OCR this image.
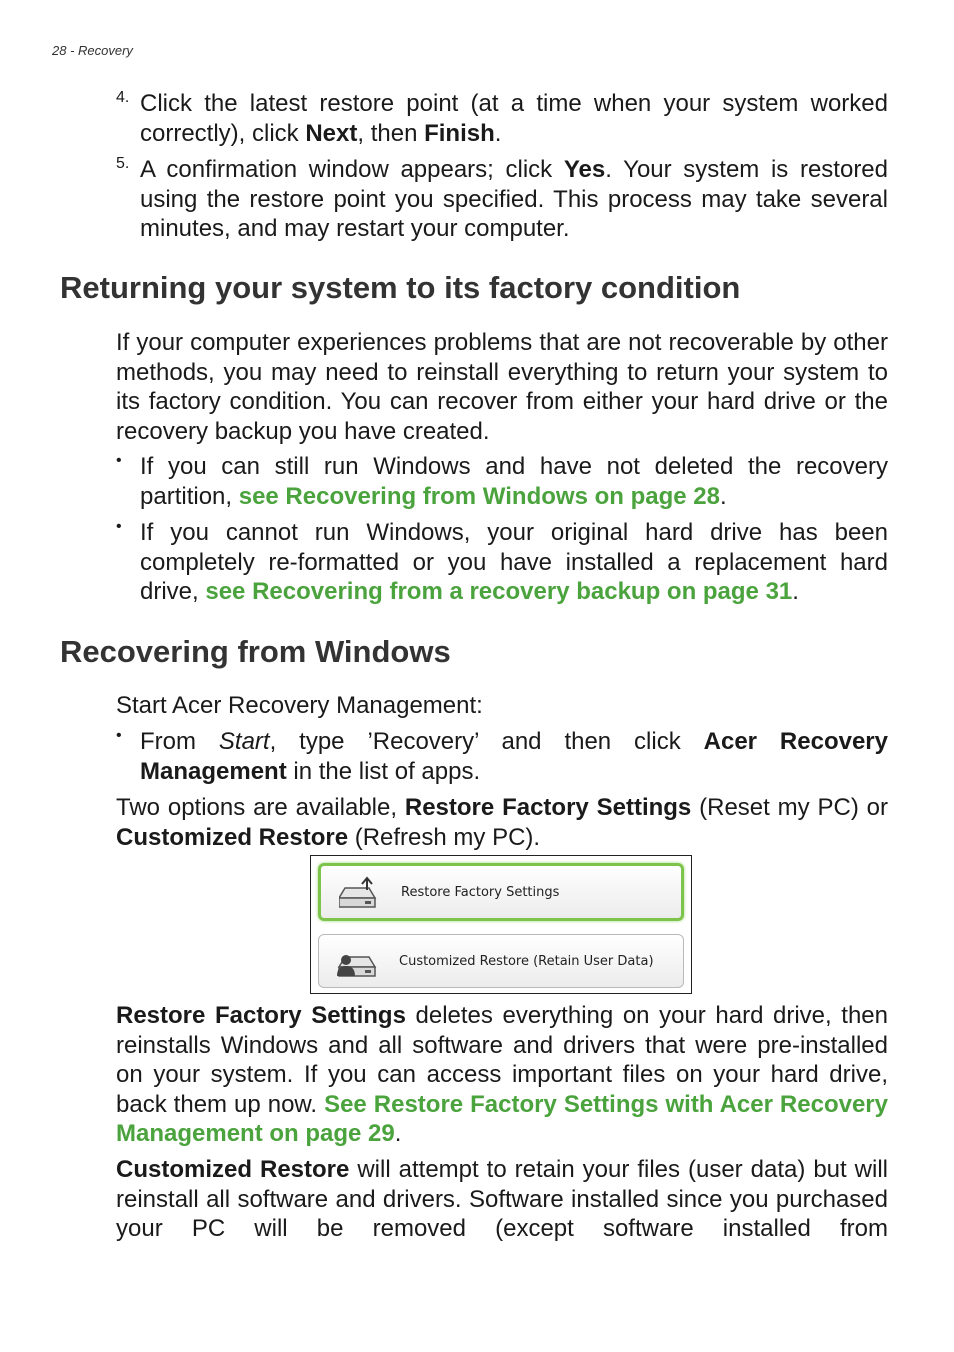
28 - Recovery
4. Click the latest restore point (at a time when your system worked correctly), click Next, then Finish.

5. A confirmation window appears; click Yes. Your system is restored using the restore point you specified. This process may take several minutes, and may restart your computer.

Returning your system to its factory condition

If your computer experiences problems that are not recoverable by other methods, you may need to reinstall everything to return your system to its factory condition. You can recover from either your hard drive or the recovery backup you have created.

• If you can still run Windows and have not deleted the recovery partition, see Recovering from Windows on page 28.

• If you cannot run Windows, your original hard drive has been completely re-formatted or you have installed a replacement hard drive, see Recovering from a recovery backup on page 31.

Recovering from Windows

Start Acer Recovery Management:

• From Start, type ’Recovery’ and then click Acer Recovery Management in the list of apps.

Two options are available, Restore Factory Settings (Reset my PC) or Customized Restore (Refresh my PC).

Restore Factory Settings
Customized Restore (Retain User Data)

Restore Factory Settings deletes everything on your hard drive, then reinstalls Windows and all software and drivers that were pre-installed on your system. If you can access important files on your hard drive, back them up now. See Restore Factory Settings with Acer Recovery Management on page 29.

Customized Restore will attempt to retain your files (user data) but will reinstall all software and drivers. Software installed since you purchased your PC will be removed (except software installed from
